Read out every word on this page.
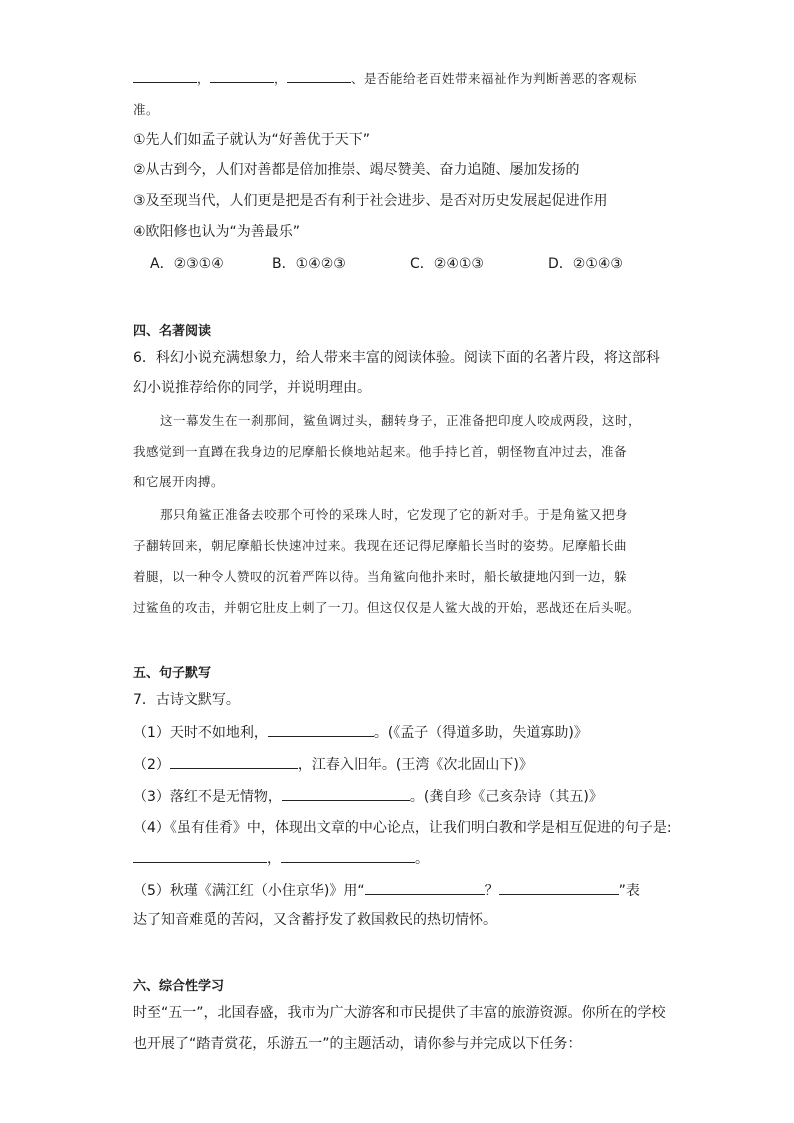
，	，	、是否能给老百姓带来福祉作为判断善恶的客观标
准。
①先人们如孟子就认为“好善优于天下”
②从古到今，人们对善都是倍加推崇、竭尽赞美、奋力追随、屡加发扬的
③及至现当代，人们更是把是否有利于社会进步、是否对历史发展起促进作用
④欧阳修也认为“为善最乐”
A．②③①④	B．①④②③	C．②④①③	D．②①④③
四、名著阅读
6．科幻小说充满想象力，给人带来丰富的阅读体验。阅读下面的名著片段，将这部科
幻小说推荐给你的同学，并说明理由。
这一幕发生在一刹那间，鲨鱼调过头，翻转身子，正准备把印度人咬成两段，这时，
我感觉到一直蹲在我身边的尼摩船长倏地站起来。他手持匕首，朝怪物直冲过去，准备
和它展开肉搏。
那只角鲨正准备去咬那个可怜的采珠人时，它发现了它的新对手。于是角鲨又把身
子翻转回来，朝尼摩船长快速冲过来。我现在还记得尼摩船长当时的姿势。尼摩船长曲
着腿，以一种令人赞叹的沉着严阵以待。当角鲨向他扑来时，船长敏捷地闪到一边，躲
过鲨鱼的攻击，并朝它肚皮上刺了一刀。但这仅仅是人鲨大战的开始，恶战还在后头呢。
五、句子默写
7．古诗文默写。
（1）天时不如地利，	。(《孟子（得道多助，失道寡助)》
（2）	，江春入旧年。(王湾《次北固山下)》
（3）落红不是无情物，	。(龚自珍《己亥杂诗（其五)》
（4）《虽有佳肴》中，体现出文章的中心论点，让我们明白教和学是相互促进的句子是:
，	。
（5）秋瑾《满江红（小住京华)》用“	？	”表
达了知音难觅的苦闷，又含蓄抒发了救国救民的热切情怀。
六、综合性学习
时至“五一”，北国春盛，我市为广大游客和市民提供了丰富的旅游资源。你所在的学校
也开展了“踏青赏花，乐游五一”的主题活动，请你参与并完成以下任务：
